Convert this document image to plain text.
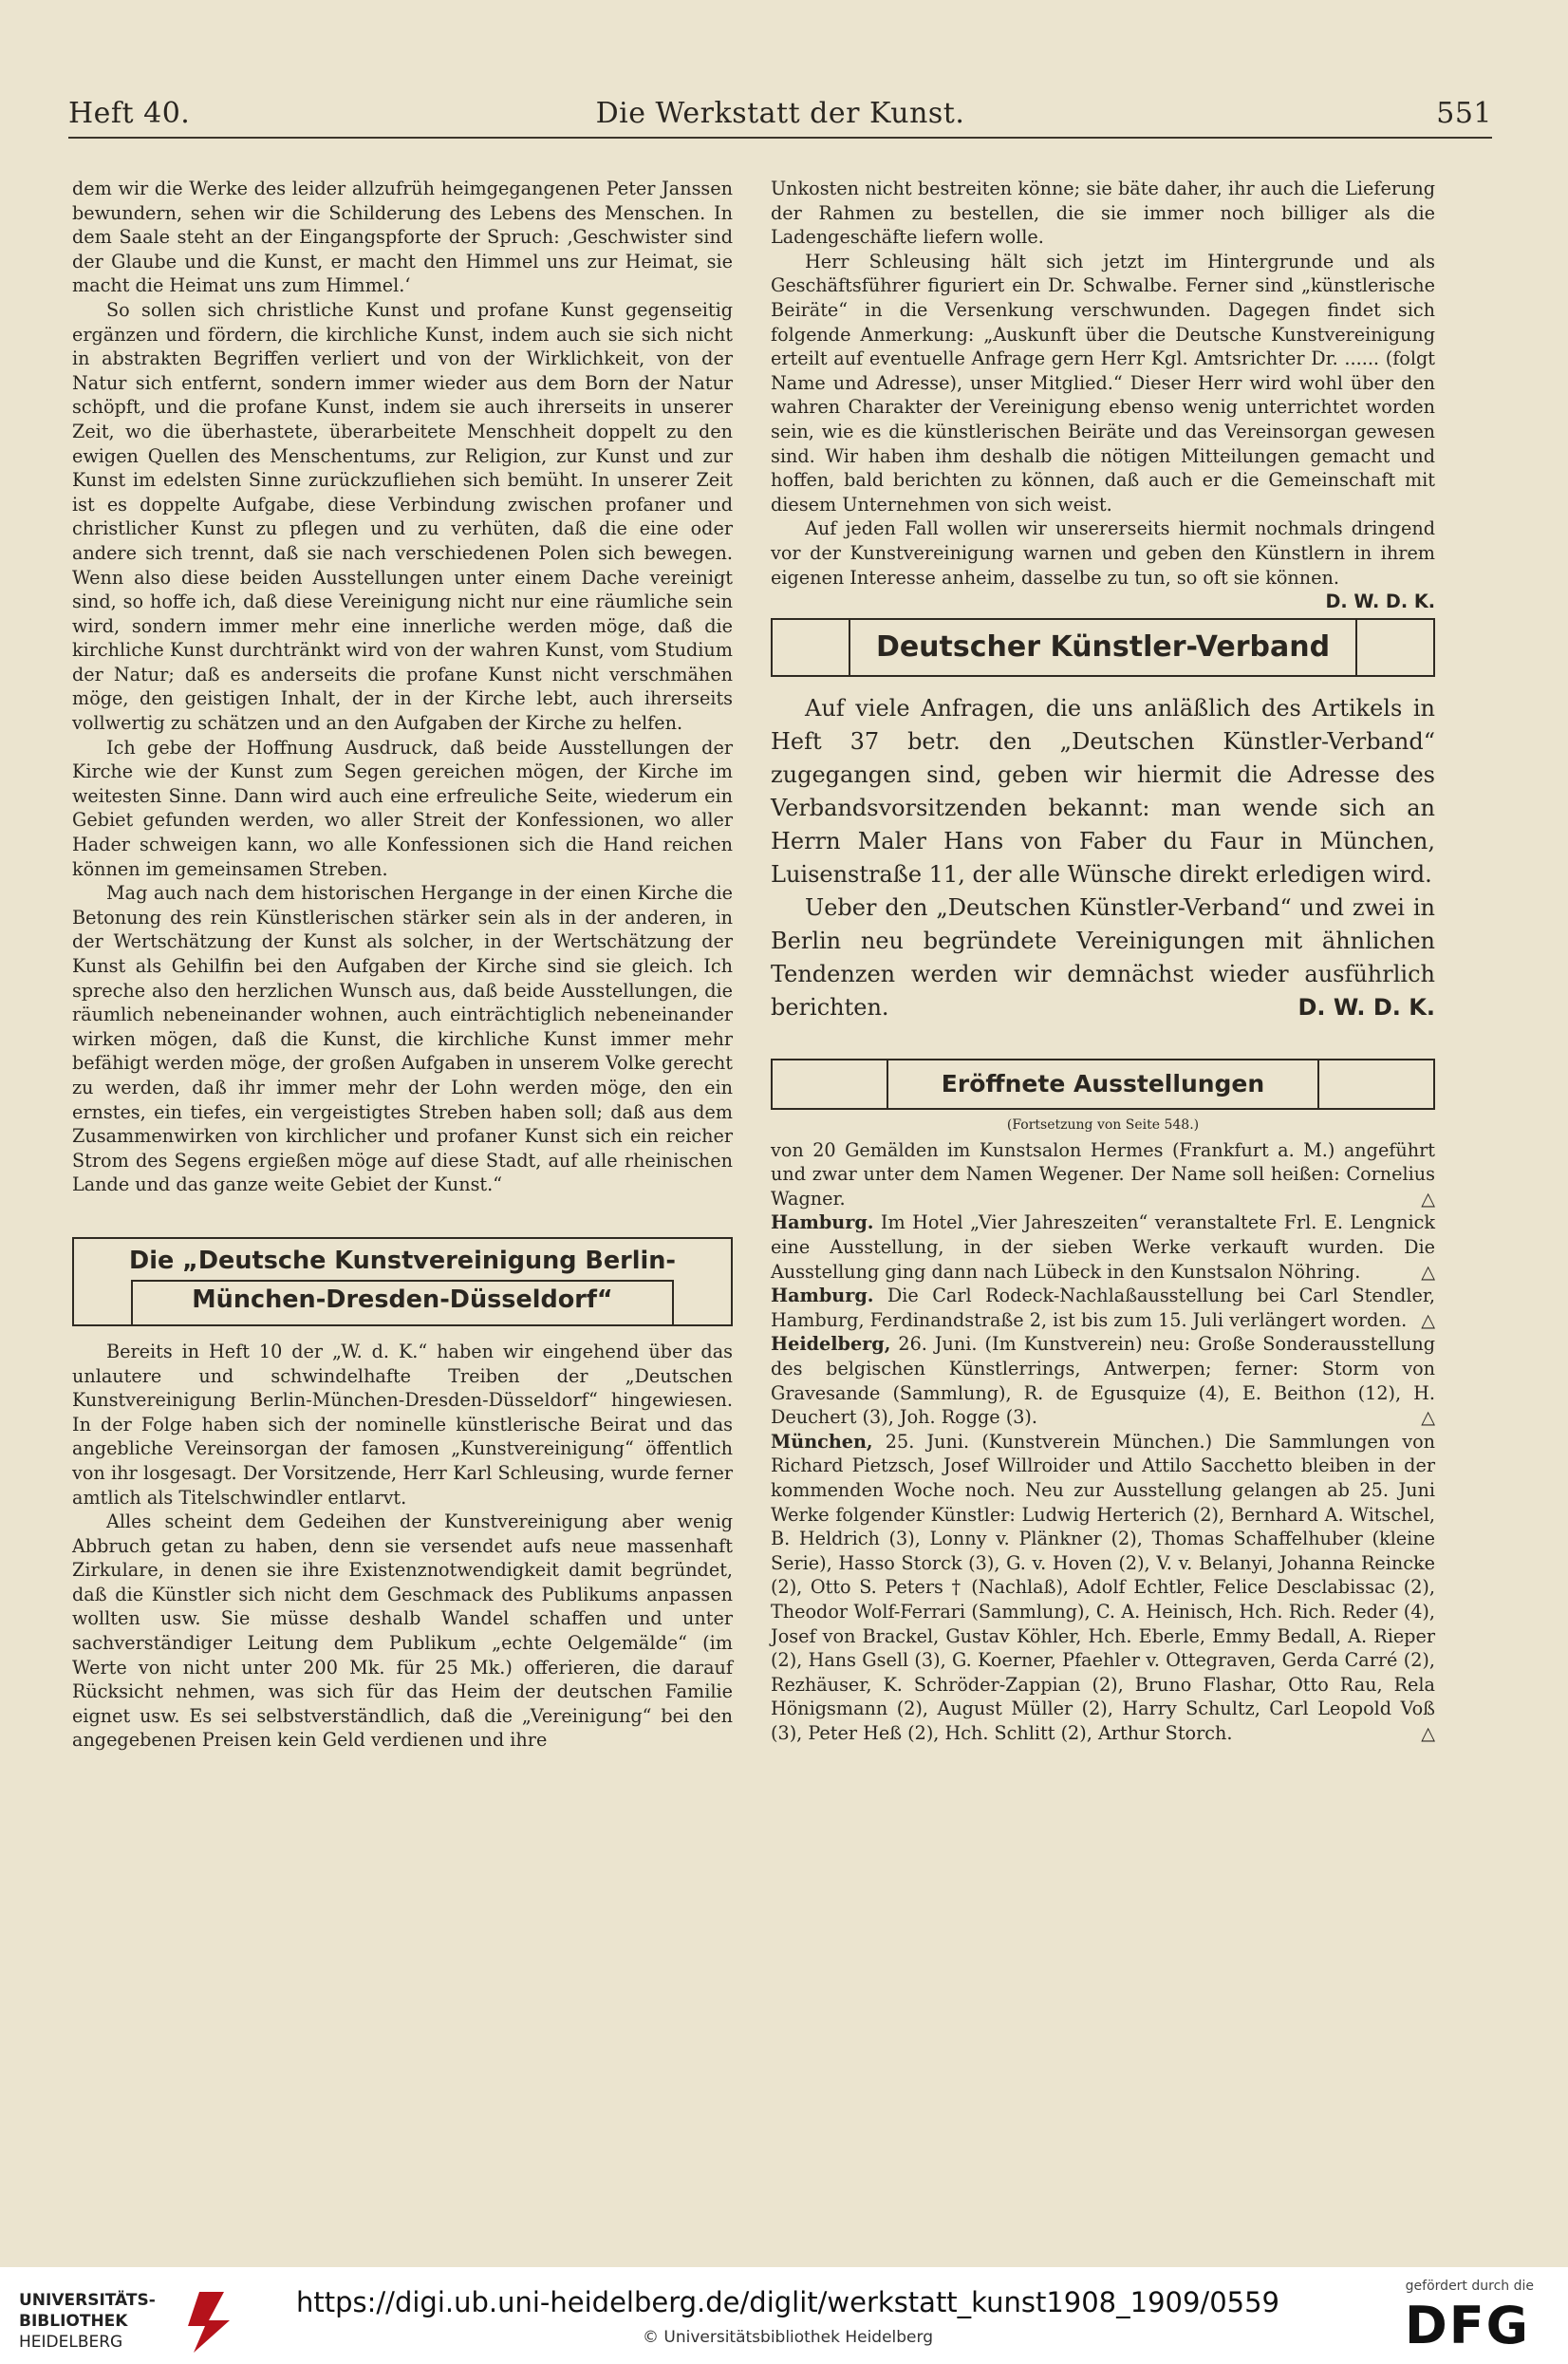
Heft 40.	Die Werkstatt der Kunst.	551

dem wir die Werke des leider allzufrüh heimgegangenen Peter Janssen bewundern, sehen wir die Schilderung des Lebens des Menschen. In dem Saale steht an der Eingangspforte der Spruch: ‚Geschwister sind der Glaube und die Kunst, er macht den Himmel uns zur Heimat, sie macht die Heimat uns zum Himmel.‘

So sollen sich christliche Kunst und profane Kunst gegenseitig ergänzen und fördern, die kirchliche Kunst, indem auch sie sich nicht in abstrakten Begriffen verliert und von der Wirklichkeit, von der Natur sich entfernt, sondern immer wieder aus dem Born der Natur schöpft, und die profane Kunst, indem sie auch ihrerseits in unserer Zeit, wo die überhastete, überarbeitete Menschheit doppelt zu den ewigen Quellen des Menschentums, zur Religion, zur Kunst und zur Kunst im edelsten Sinne zurückzufliehen sich bemüht. In unserer Zeit ist es doppelte Aufgabe, diese Verbindung zwischen profaner und christlicher Kunst zu pflegen und zu verhüten, daß die eine oder andere sich trennt, daß sie nach verschiedenen Polen sich bewegen. Wenn also diese beiden Ausstellungen unter einem Dache vereinigt sind, so hoffe ich, daß diese Vereinigung nicht nur eine räumliche sein wird, sondern immer mehr eine innerliche werden möge, daß die kirchliche Kunst durchtränkt wird von der wahren Kunst, vom Studium der Natur; daß es anderseits die profane Kunst nicht verschmähen möge, den geistigen Inhalt, der in der Kirche lebt, auch ihrerseits vollwertig zu schätzen und an den Aufgaben der Kirche zu helfen.

Ich gebe der Hoffnung Ausdruck, daß beide Ausstellungen der Kirche wie der Kunst zum Segen gereichen mögen, der Kirche im weitesten Sinne. Dann wird auch eine erfreuliche Seite, wiederum ein Gebiet gefunden werden, wo aller Streit der Konfessionen, wo aller Hader schweigen kann, wo alle Konfessionen sich die Hand reichen können im gemeinsamen Streben.

Mag auch nach dem historischen Hergange in der einen Kirche die Betonung des rein Künstlerischen stärker sein als in der anderen, in der Wertschätzung der Kunst als solcher, in der Wertschätzung der Kunst als Gehilfin bei den Aufgaben der Kirche sind sie gleich. Ich spreche also den herzlichen Wunsch aus, daß beide Ausstellungen, die räumlich nebeneinander wohnen, auch einträchtiglich nebeneinander wirken mögen, daß die Kunst, die kirchliche Kunst immer mehr befähigt werden möge, der großen Aufgaben in unserem Volke gerecht zu werden, daß ihr immer mehr der Lohn werden möge, den ein ernstes, ein tiefes, ein vergeistigtes Streben haben soll; daß aus dem Zusammenwirken von kirchlicher und profaner Kunst sich ein reicher Strom des Segens ergießen möge auf diese Stadt, auf alle rheinischen Lande und das ganze weite Gebiet der Kunst.“

Die „Deutsche Kunstvereinigung Berlin-
München-Dresden-Düsseldorf“

Bereits in Heft 10 der „W. d. K.“ haben wir eingehend über das unlautere und schwindelhafte Treiben der „Deutschen Kunstvereinigung Berlin-München-Dresden-Düsseldorf“ hingewiesen. In der Folge haben sich der nominelle künstlerische Beirat und das angebliche Vereinsorgan der famosen „Kunstvereinigung“ öffentlich von ihr losgesagt. Der Vorsitzende, Herr Karl Schleusing, wurde ferner amtlich als Titelschwindler entlarvt.

Alles scheint dem Gedeihen der Kunstvereinigung aber wenig Abbruch getan zu haben, denn sie versendet aufs neue massenhaft Zirkulare, in denen sie ihre Existenznotwendigkeit damit begründet, daß die Künstler sich nicht dem Geschmack des Publikums anpassen wollten usw. Sie müsse deshalb Wandel schaffen und unter sachverständiger Leitung dem Publikum „echte Oelgemälde“ (im Werte von nicht unter 200 Mk. für 25 Mk.) offerieren, die darauf Rücksicht nehmen, was sich für das Heim der deutschen Familie eignet usw. Es sei selbstverständlich, daß die „Vereinigung“ bei den angegebenen Preisen kein Geld verdienen und ihre

Unkosten nicht bestreiten könne; sie bäte daher, ihr auch die Lieferung der Rahmen zu bestellen, die sie immer noch billiger als die Ladengeschäfte liefern wolle.

Herr Schleusing hält sich jetzt im Hintergrunde und als Geschäftsführer figuriert ein Dr. Schwalbe. Ferner sind „künstlerische Beiräte“ in die Versenkung verschwunden. Dagegen findet sich folgende Anmerkung: „Auskunft über die Deutsche Kunstvereinigung erteilt auf eventuelle Anfrage gern Herr Kgl. Amtsrichter Dr. ...... (folgt Name und Adresse), unser Mitglied.“ Dieser Herr wird wohl über den wahren Charakter der Vereinigung ebenso wenig unterrichtet worden sein, wie es die künstlerischen Beiräte und das Vereinsorgan gewesen sind. Wir haben ihm deshalb die nötigen Mitteilungen gemacht und hoffen, bald berichten zu können, daß auch er die Gemeinschaft mit diesem Unternehmen von sich weist.

Auf jeden Fall wollen wir unsererseits hiermit nochmals dringend vor der Kunstvereinigung warnen und geben den Künstlern in ihrem eigenen Interesse anheim, dasselbe zu tun, so oft sie können.
D. W. D. K.

Deutscher Künstler-Verband

Auf viele Anfragen, die uns anläßlich des Artikels in Heft 37 betr. den „Deutschen Künstler-Verband“ zugegangen sind, geben wir hiermit die Adresse des Verbandsvorsitzenden bekannt: man wende sich an Herrn Maler Hans von Faber du Faur in München, Luisenstraße 11, der alle Wünsche direkt erledigen wird.

Ueber den „Deutschen Künstler-Verband“ und zwei in Berlin neu begründete Vereinigungen mit ähnlichen Tendenzen werden wir demnächst wieder ausführlich berichten.	D. W. D. K.

Eröffnete Ausstellungen

(Fortsetzung von Seite 548.)

von 20 Gemälden im Kunstsalon Hermes (Frankfurt a. M.) angeführt und zwar unter dem Namen Wegener. Der Name soll heißen: Cornelius Wagner.	△

Hamburg. Im Hotel „Vier Jahreszeiten“ veranstaltete Frl. E. Lengnick eine Ausstellung, in der sieben Werke verkauft wurden. Die Ausstellung ging dann nach Lübeck in den Kunstsalon Nöhring.	△

Hamburg. Die Carl Rodeck-Nachlaßausstellung bei Carl Stendler, Hamburg, Ferdinandstraße 2, ist bis zum 15. Juli verlängert worden. △

Heidelberg, 26. Juni. (Im Kunstverein) neu: Große Sonderausstellung des belgischen Künstlerrings, Antwerpen; ferner: Storm von Gravesande (Sammlung), R. de Egusquize (4), E. Beithon (12), H. Deuchert (3), Joh. Rogge (3).	△

München, 25. Juni. (Kunstverein München.) Die Sammlungen von Richard Pietzsch, Josef Willroider und Attilo Sacchetto bleiben in der kommenden Woche noch. Neu zur Ausstellung gelangen ab 25. Juni Werke folgender Künstler: Ludwig Herterich (2), Bernhard A. Witschel, B. Heldrich (3), Lonny v. Plänkner (2), Thomas Schaffelhuber (kleine Serie), Hasso Storck (3), G. v. Hoven (2), V. v. Belanyi, Johanna Reincke (2), Otto S. Peters † (Nachlaß), Adolf Echtler, Felice Desclabissac (2), Theodor Wolf-Ferrari (Sammlung), C. A. Heinisch, Hch. Rich. Reder (4), Josef von Brackel, Gustav Köhler, Hch. Eberle, Emmy Bedall, A. Rieper (2), Hans Gsell (3), G. Koerner, Pfaehler v. Ottegraven, Gerda Carré (2), Rezhäuser, K. Schröder-Zappian (2), Bruno Flashar, Otto Rau, Rela Hönigsmann (2), August Müller (2), Harry Schultz, Carl Leopold Voß (3), Peter Heß (2), Hch. Schlitt (2), Arthur Storch.	△

UNIVERSITÄTS-
BIBLIOTHEK
HEIDELBERG
https://digi.ub.uni-heidelberg.de/diglit/werkstatt_kunst1908_1909/0559
© Universitätsbibliothek Heidelberg
gefördert durch die
DFG
